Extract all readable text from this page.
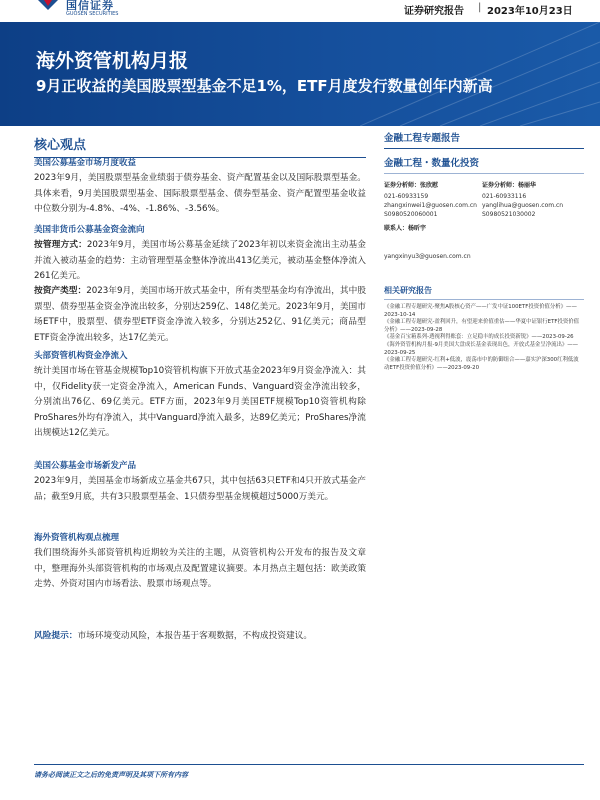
国信证券
GUOSEN SECURITIES	证券研究报告 | 2023年10月23日
海外资管机构月报
9月正收益的美国股票型基金不足1%，ETF月度发行数量创年内新高
核心观点
美国公募基金市场月度收益
2023年9月，美国股票型基金业绩弱于债券基金、资产配置基金以及国际股票型基金。具体来看，9月美国股票型基金、国际股票型基金、债券型基金、资产配置型基金收益中位数分别为-4.8%、-4%、-1.86%、-3.56%。
美国非货币公募基金资金流向
按管理方式：2023年9月，美国市场公募基金延续了2023年初以来资金流出主动基金并流入被动基金的趋势：主动管理型基金整体净流出413亿美元，被动基金整体净流入261亿美元。
按资产类型：2023年9月，美国市场开放式基金中，所有类型基金均有净流出，其中股票型、债券型基金资金净流出较多，分别达259亿、148亿美元。2023年9月，美国市场ETF中，股票型、债券型ETF资金净流入较多，分别达252亿、91亿美元；商品型ETF资金净流出较多，达17亿美元。
头部资管机构资金净流入
统计美国市场在管基金规模Top10资管机构旗下开放式基金2023年9月资金净流入：其中，仅Fidelity获一定资金净流入，American Funds、Vanguard资金净流出较多，分别流出76亿、69亿美元。ETF方面，2023年9月美国ETF规模Top10资管机构除ProShares外均有净流入，其中Vanguard净流入最多，达89亿美元；ProShares净流出规模达12亿美元。
美国公募基金市场新发产品
2023年9月，美国基金市场新成立基金共67只，其中包括63只ETF和4只开放式基金产品；截至9月底，共有3只股票型基金、1只债券型基金规模超过5000万美元。
海外资管机构观点梳理
我们围绕海外头部资管机构近期较为关注的主题，从资管机构公开发布的报告及文章中，整理海外头部资管机构的市场观点及配置建议摘要。本月热点主题包括：欧美政策走势、外资对国内市场看法、股票市场观点等。
风险提示：市场环境变动风险，本报告基于客观数据，不构成投资建议。
金融工程专题报告
金融工程・数量化投资
证券分析师：张欣慰
021-60933159
zhangxinwei1@guosen.com.cn
S0980520060001
证券分析师：杨丽华
021-60933116
yanglihua@guosen.com.cn
S0980521030002
联系人：杨昕宇
yangxinyu3@guosen.com.cn
相关研究报告
《金融工程专题研究-聚焦A股核心资产——广发中证100ETF投资价值分析》——2023-10-14
《金融工程专题研究-盈利回升，有望迎来价值重估——华夏中证银行ETF投资价值分析》——2023-09-28
《基金百宝箱系列-透视利得账套：立足稳丰的成长投资新锐》——2023-09-26
《海外资管机构月报-9月美国大盘成长基金表现出色，开放式基金呈净流出》——2023-09-25
《金融工程专题研究-红利+低波，震荡市中的防御组合——嘉实沪深300红利低波动ETF投资价值分析》——2023-09-20
请务必阅读正文之后的免责声明及其项下所有内容
